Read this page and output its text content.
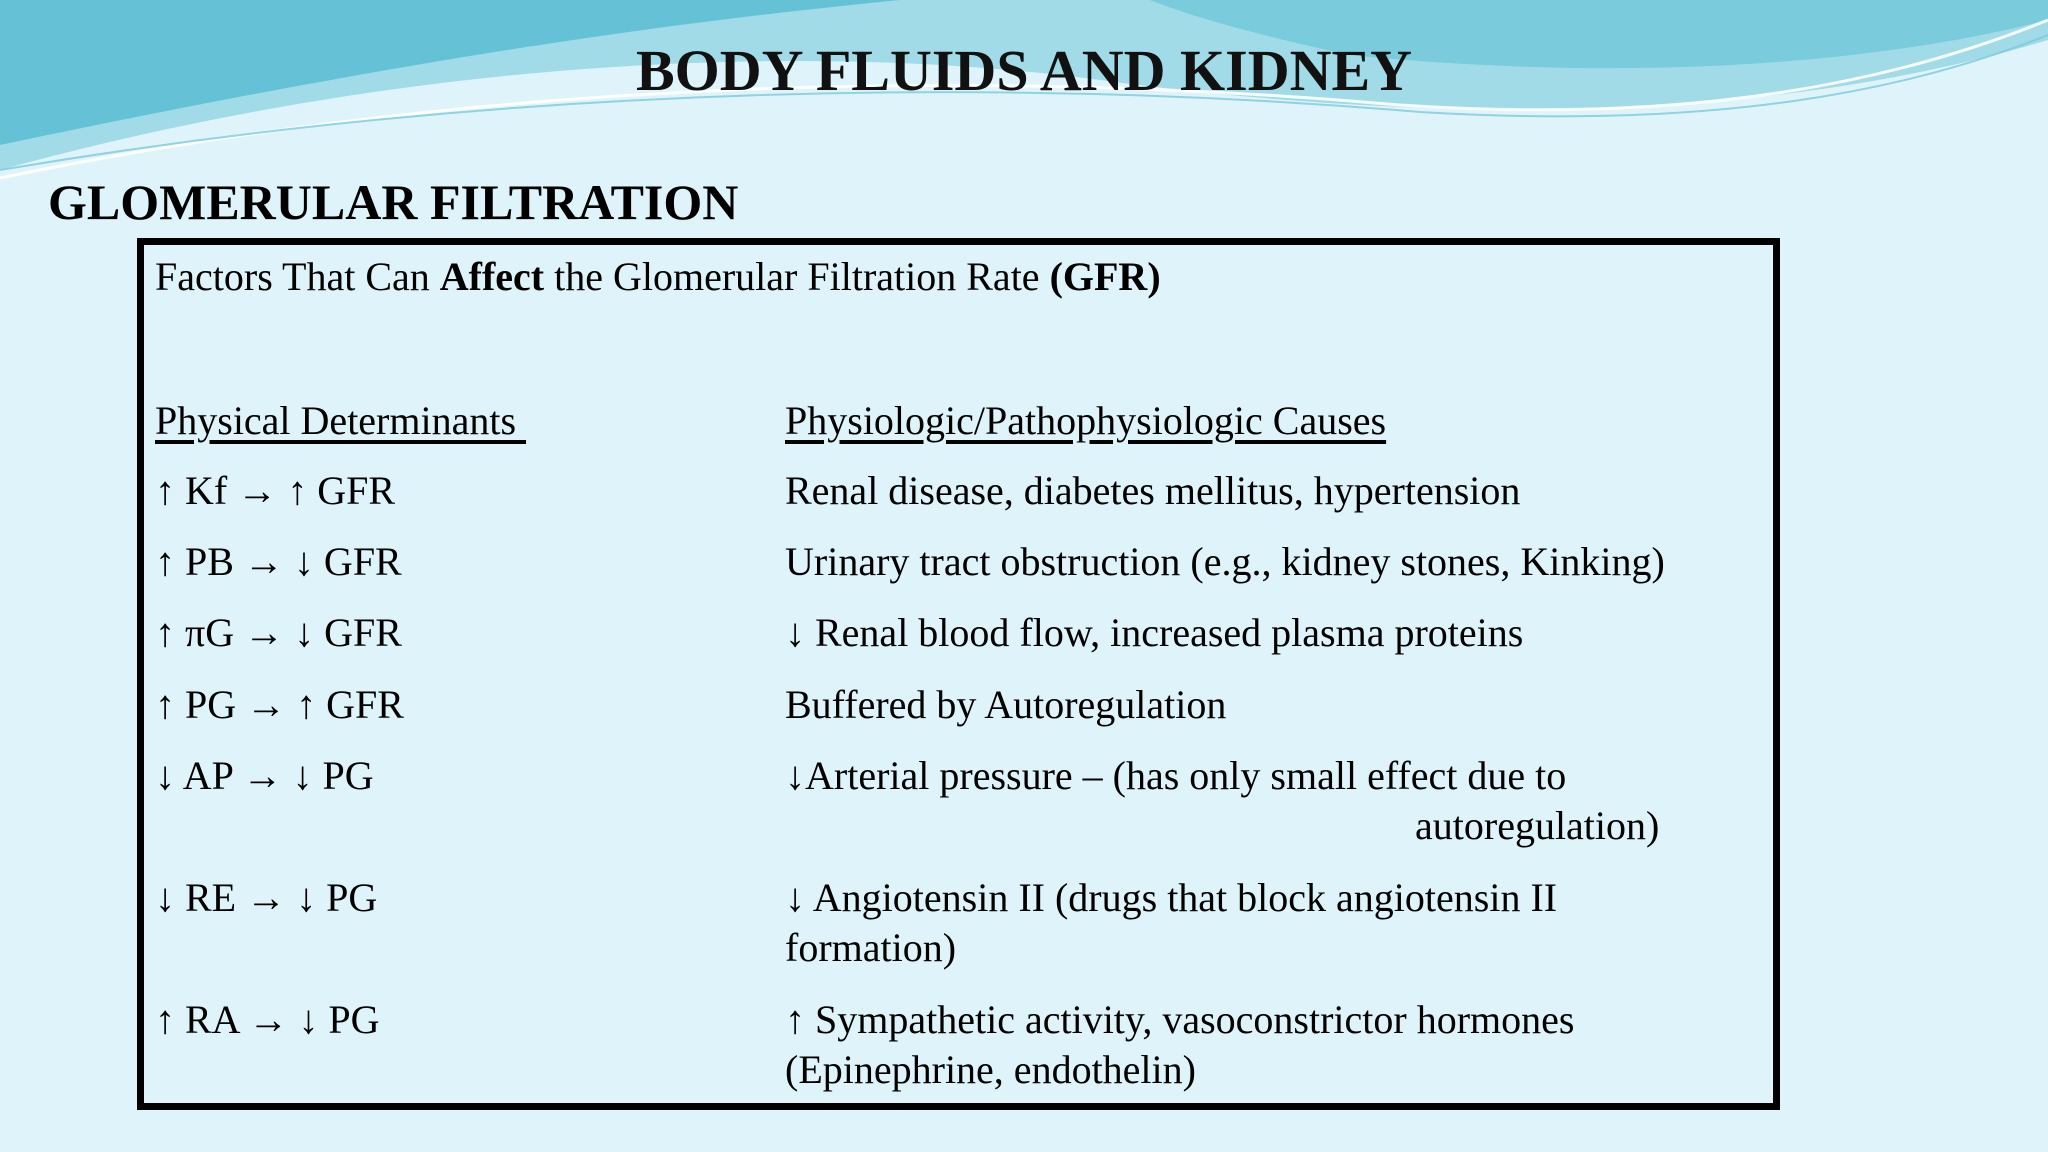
BODY FLUIDS AND KIDNEY
GLOMERULAR FILTRATION
Factors That Can Affect the Glomerular Filtration Rate (GFR)
Physical Determinants	Physiologic/Pathophysiologic Causes
↑ Kf → ↑ GFR	Renal disease, diabetes mellitus, hypertension
↑ PB → ↓ GFR	Urinary tract obstruction (e.g., kidney stones, Kinking)
↑ πG → ↓ GFR	↓ Renal blood flow, increased plasma proteins
↑ PG → ↑ GFR	Buffered by Autoregulation
↓ AP → ↓ PG	↓Arterial pressure – (has only small effect due to
autoregulation)
↓ RE → ↓ PG	↓ Angiotensin II (drugs that block angiotensin II
formation)
↑ RA → ↓ PG	↑ Sympathetic activity, vasoconstrictor hormones
(Epinephrine, endothelin)
